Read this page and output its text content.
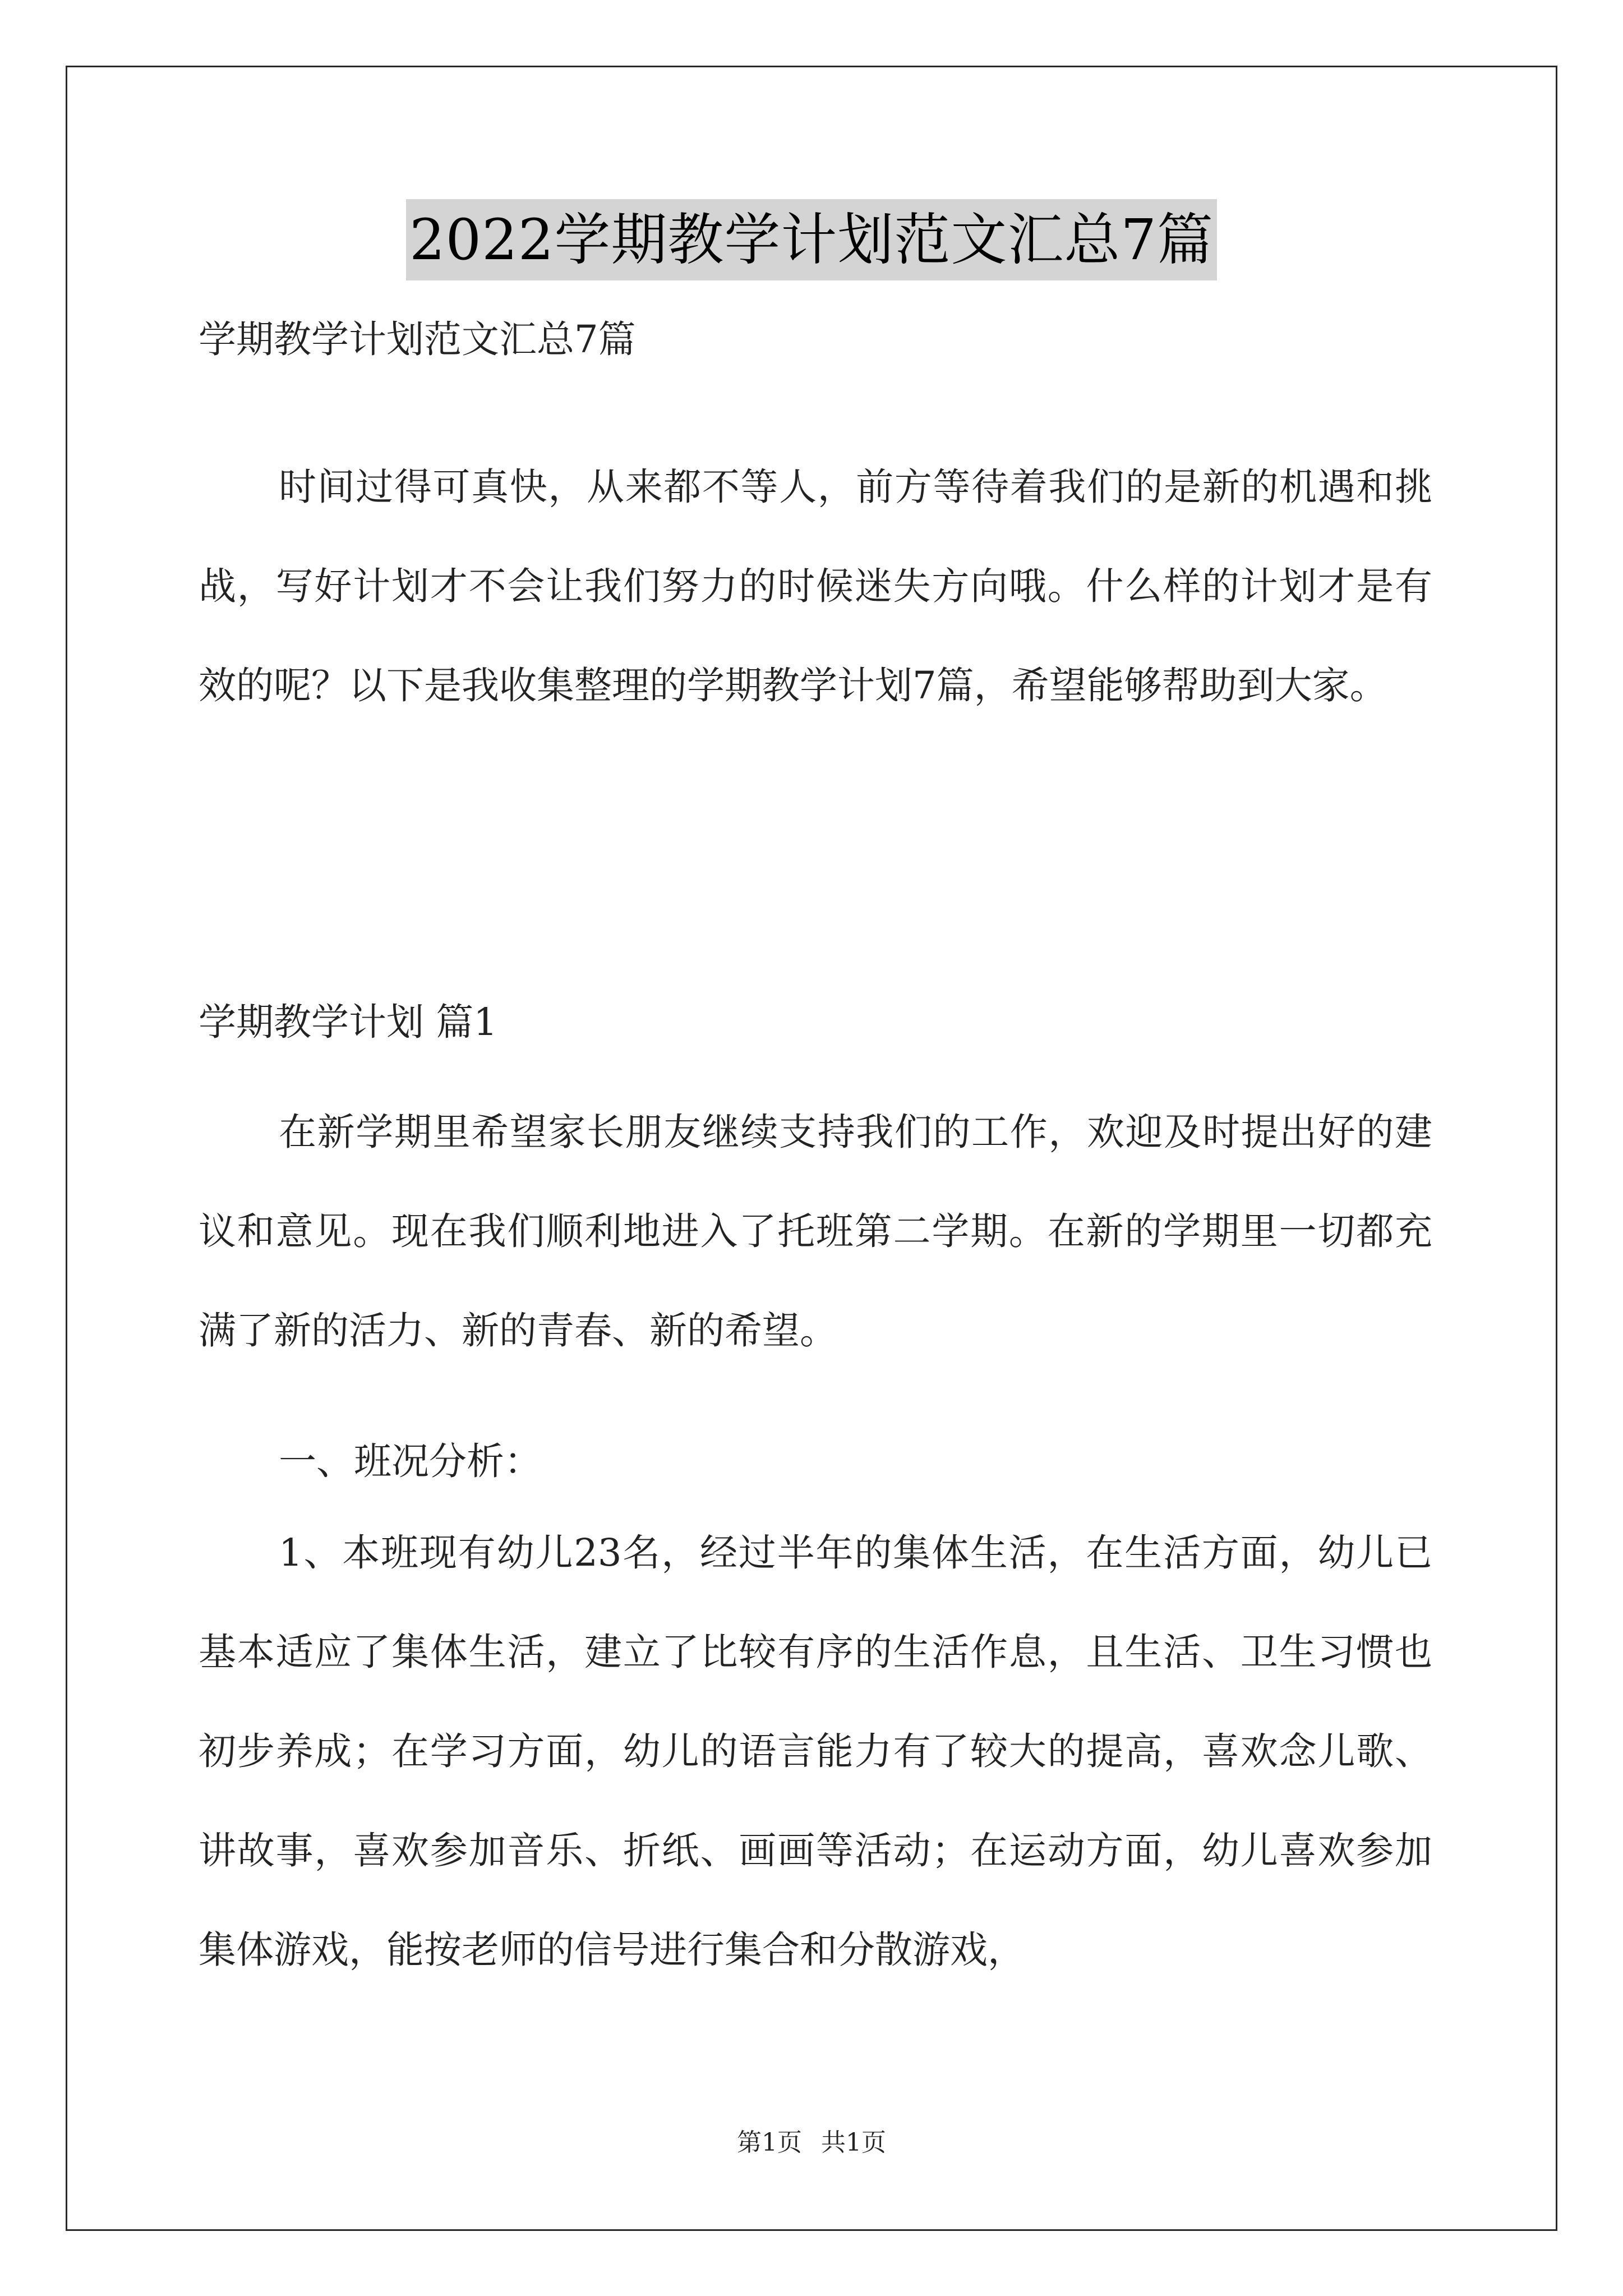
2022学期教学计划范文汇总7篇
学期教学计划范文汇总7篇

时间过得可真快，从来都不等人，前方等待着我们的是新的机遇和挑战，写好计划才不会让我们努力的时候迷失方向哦。什么样的计划才是有效的呢？以下是我收集整理的学期教学计划7篇，希望能够帮助到大家。

学期教学计划 篇1

在新学期里希望家长朋友继续支持我们的工作，欢迎及时提出好的建议和意见。现在我们顺利地进入了托班第二学期。在新的学期里一切都充满了新的活力、新的青春、新的希望。

一、班况分析：

1、本班现有幼儿23名，经过半年的集体生活，在生活方面，幼儿已基本适应了集体生活，建立了比较有序的生活作息，且生活、卫生习惯也初步养成；在学习方面，幼儿的语言能力有了较大的提高，喜欢念儿歌、讲故事，喜欢参加音乐、折纸、画画等活动；在运动方面，幼儿喜欢参加集体游戏，能按老师的信号进行集合和分散游戏，

第1页 共1页
